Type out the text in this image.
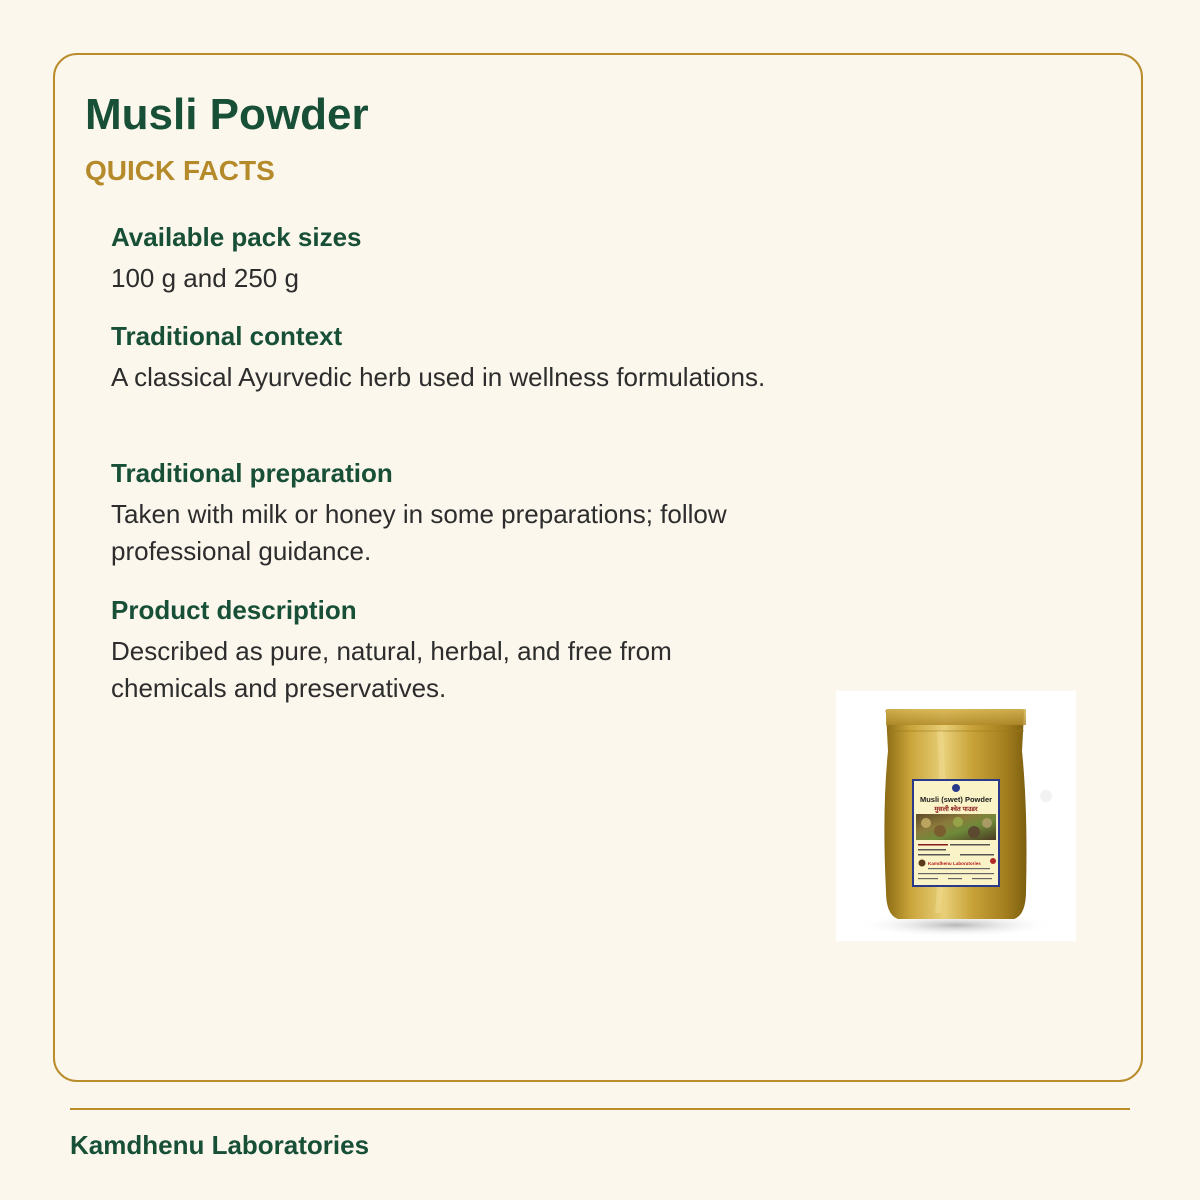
Musli Powder
QUICK FACTS

Available pack sizes

100 g and 250 g

Traditional context

A classical Ayurvedic herb used in wellness formulations.

Traditional preparation

Taken with milk or honey in some preparations; follow professional guidance.

Product description

Described as pure, natural, herbal, and free from chemicals and preservatives.

Musli (swet) Powder
मुसली श्वेत पाउडर
Kamdhenu Laboratories
Kamdhenu Laboratories
